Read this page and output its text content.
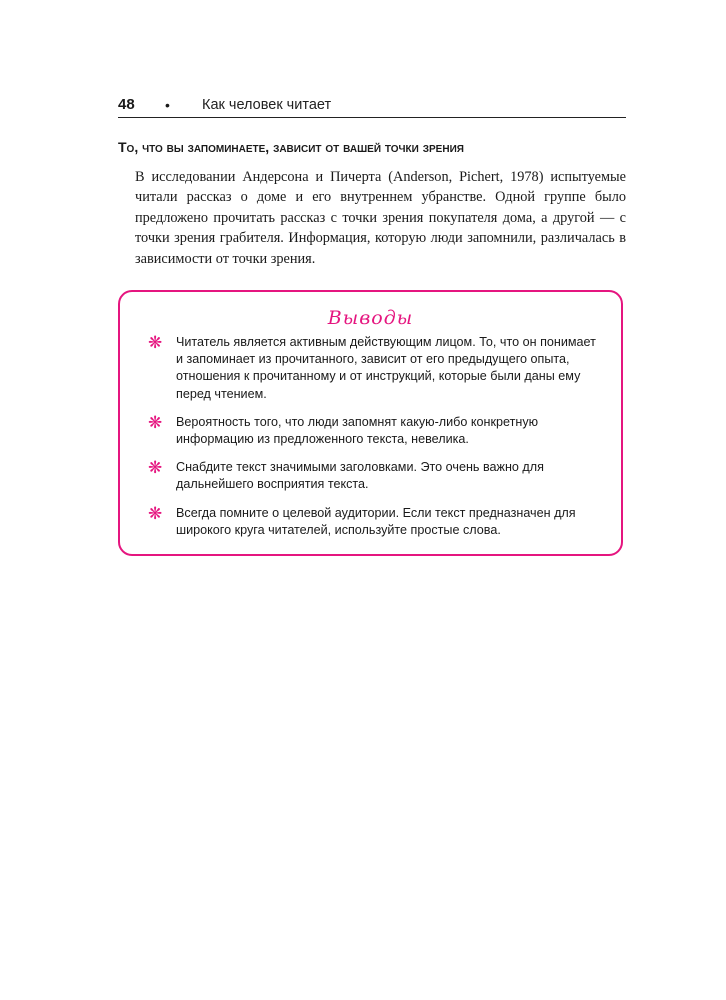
48 • Как человек читает
То, что вы запоминаете, зависит от вашей точки зрения

В исследовании Андерсона и Пичерта (Anderson, Pichert, 1978) испытуемые читали рассказ о доме и его внутреннем убранстве. Одной группе было предложено прочитать рассказ с точки зрения покупателя дома, а другой — с точки зрения грабителя. Информация, которую люди запомнили, различалась в зависимости от точки зрения.

Выводы
❋ Читатель является активным действующим лицом. То, что он понимает и запоминает из прочитанного, зависит от его предыдущего опыта, отношения к прочитанному и от инструкций, которые были даны ему перед чтением.
❋ Вероятность того, что люди запомнят какую-либо конкретную информацию из предложенного текста, невелика.
❋ Снабдите текст значимыми заголовками. Это очень важно для дальнейшего восприятия текста.
❋ Всегда помните о целевой аудитории. Если текст предназначен для широкого круга читателей, используйте простые слова.
